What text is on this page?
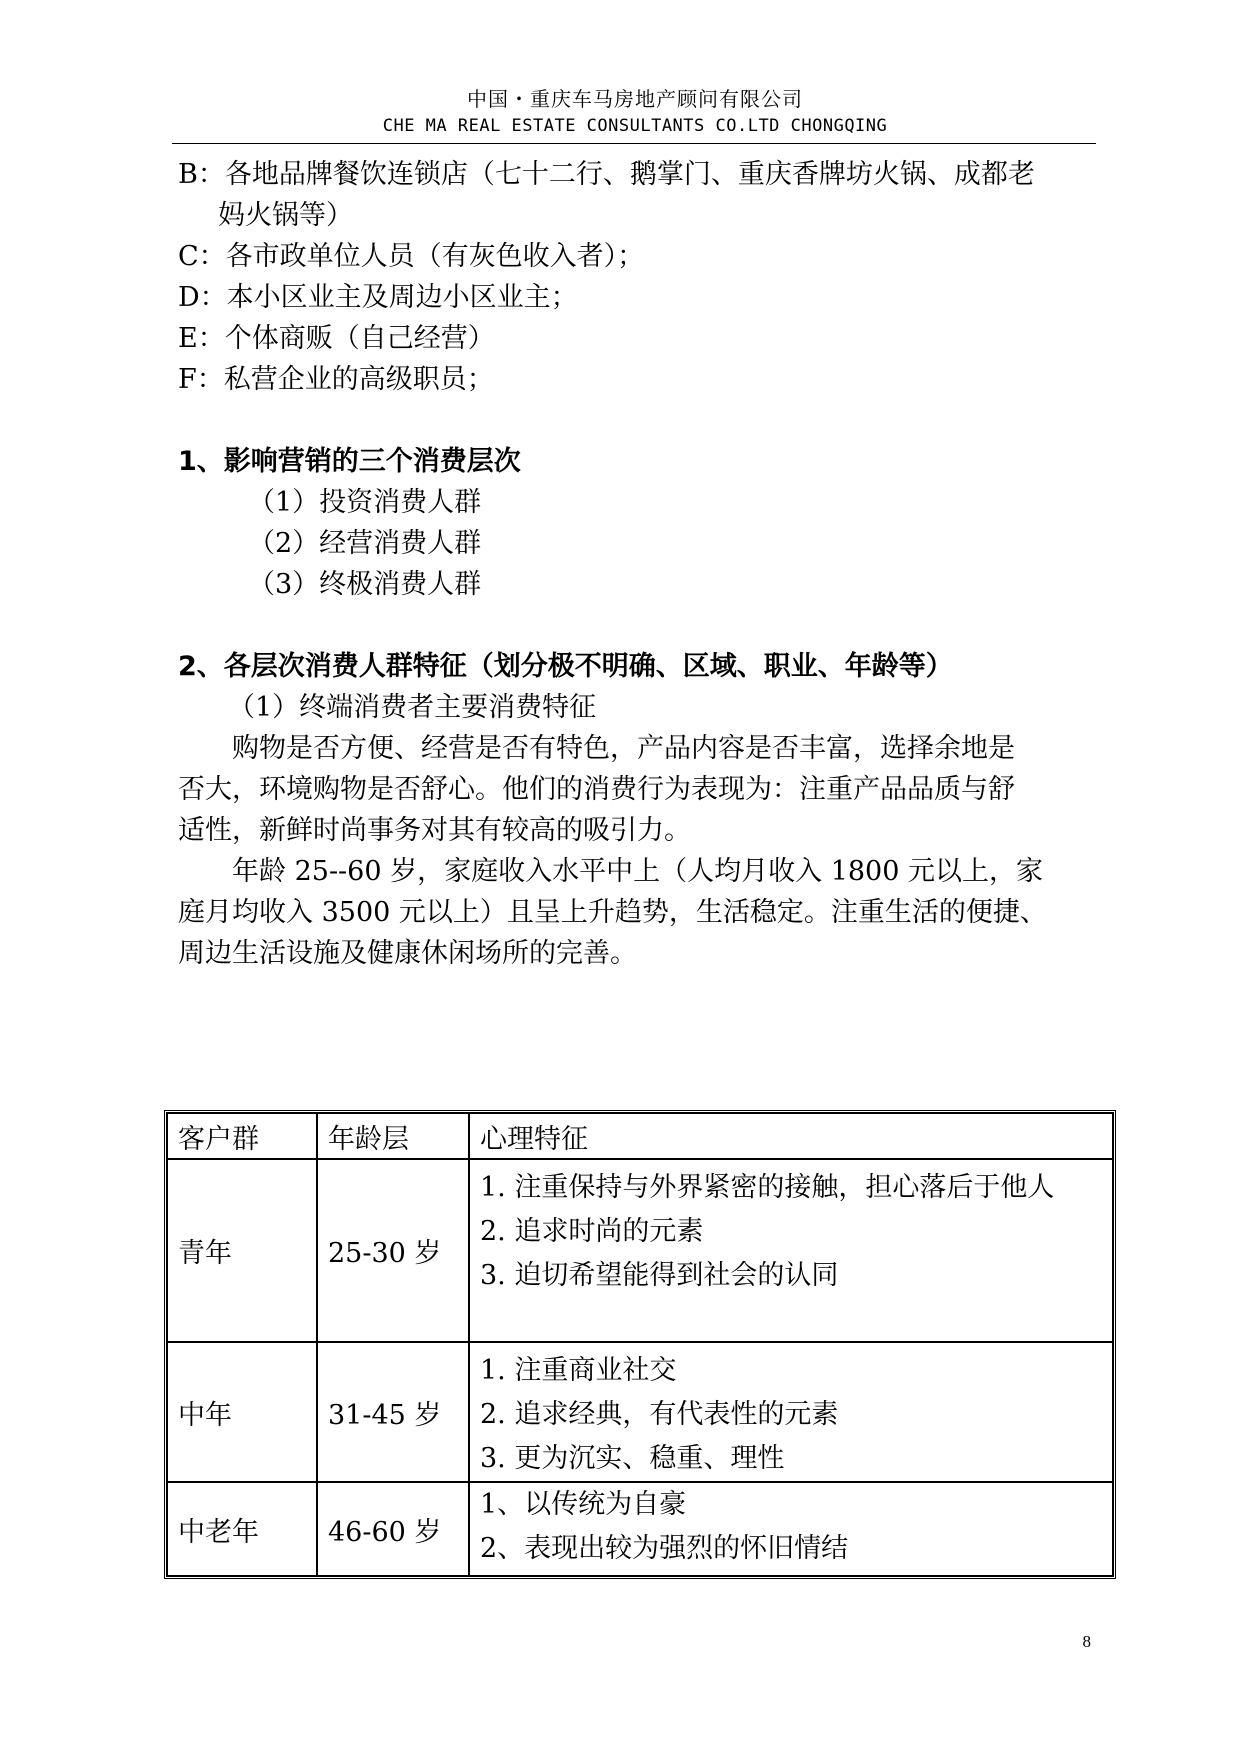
中国・重庆车马房地产顾问有限公司
CHE MA REAL ESTATE CONSULTANTS CO.LTD CHONGQING
B：各地品牌餐饮连锁店（七十二行、鹅掌门、重庆香牌坊火锅、成都老
妈火锅等）
C：各市政单位人员（有灰色收入者）；
D：本小区业主及周边小区业主；
E：个体商贩（自己经营）
F：私营企业的高级职员；
1、影响营销的三个消费层次
（1）投资消费人群
（2）经营消费人群
（3）终极消费人群
2、各层次消费人群特征（划分极不明确、区域、职业、年龄等）
（1）终端消费者主要消费特征
购物是否方便、经营是否有特色，产品内容是否丰富，选择余地是
否大，环境购物是否舒心。他们的消费行为表现为：注重产品品质与舒
适性，新鲜时尚事务对其有较高的吸引力。
年龄 25--60 岁，家庭收入水平中上（人均月收入 1800 元以上，家
庭月均收入 3500 元以上）且呈上升趋势，生活稳定。注重生活的便捷、
周边生活设施及健康休闲场所的完善。
客户群	年龄层	心理特征
青年	25-30 岁	1. 注重保持与外界紧密的接触，担心落后于他人
2. 追求时尚的元素
3. 迫切希望能得到社会的认同

中年	31-45 岁	1. 注重商业社交
2. 追求经典，有代表性的元素
3. 更为沉实、稳重、理性

中老年	46-60 岁	1、以传统为自豪
2、表现出较为强烈的怀旧情结
8
